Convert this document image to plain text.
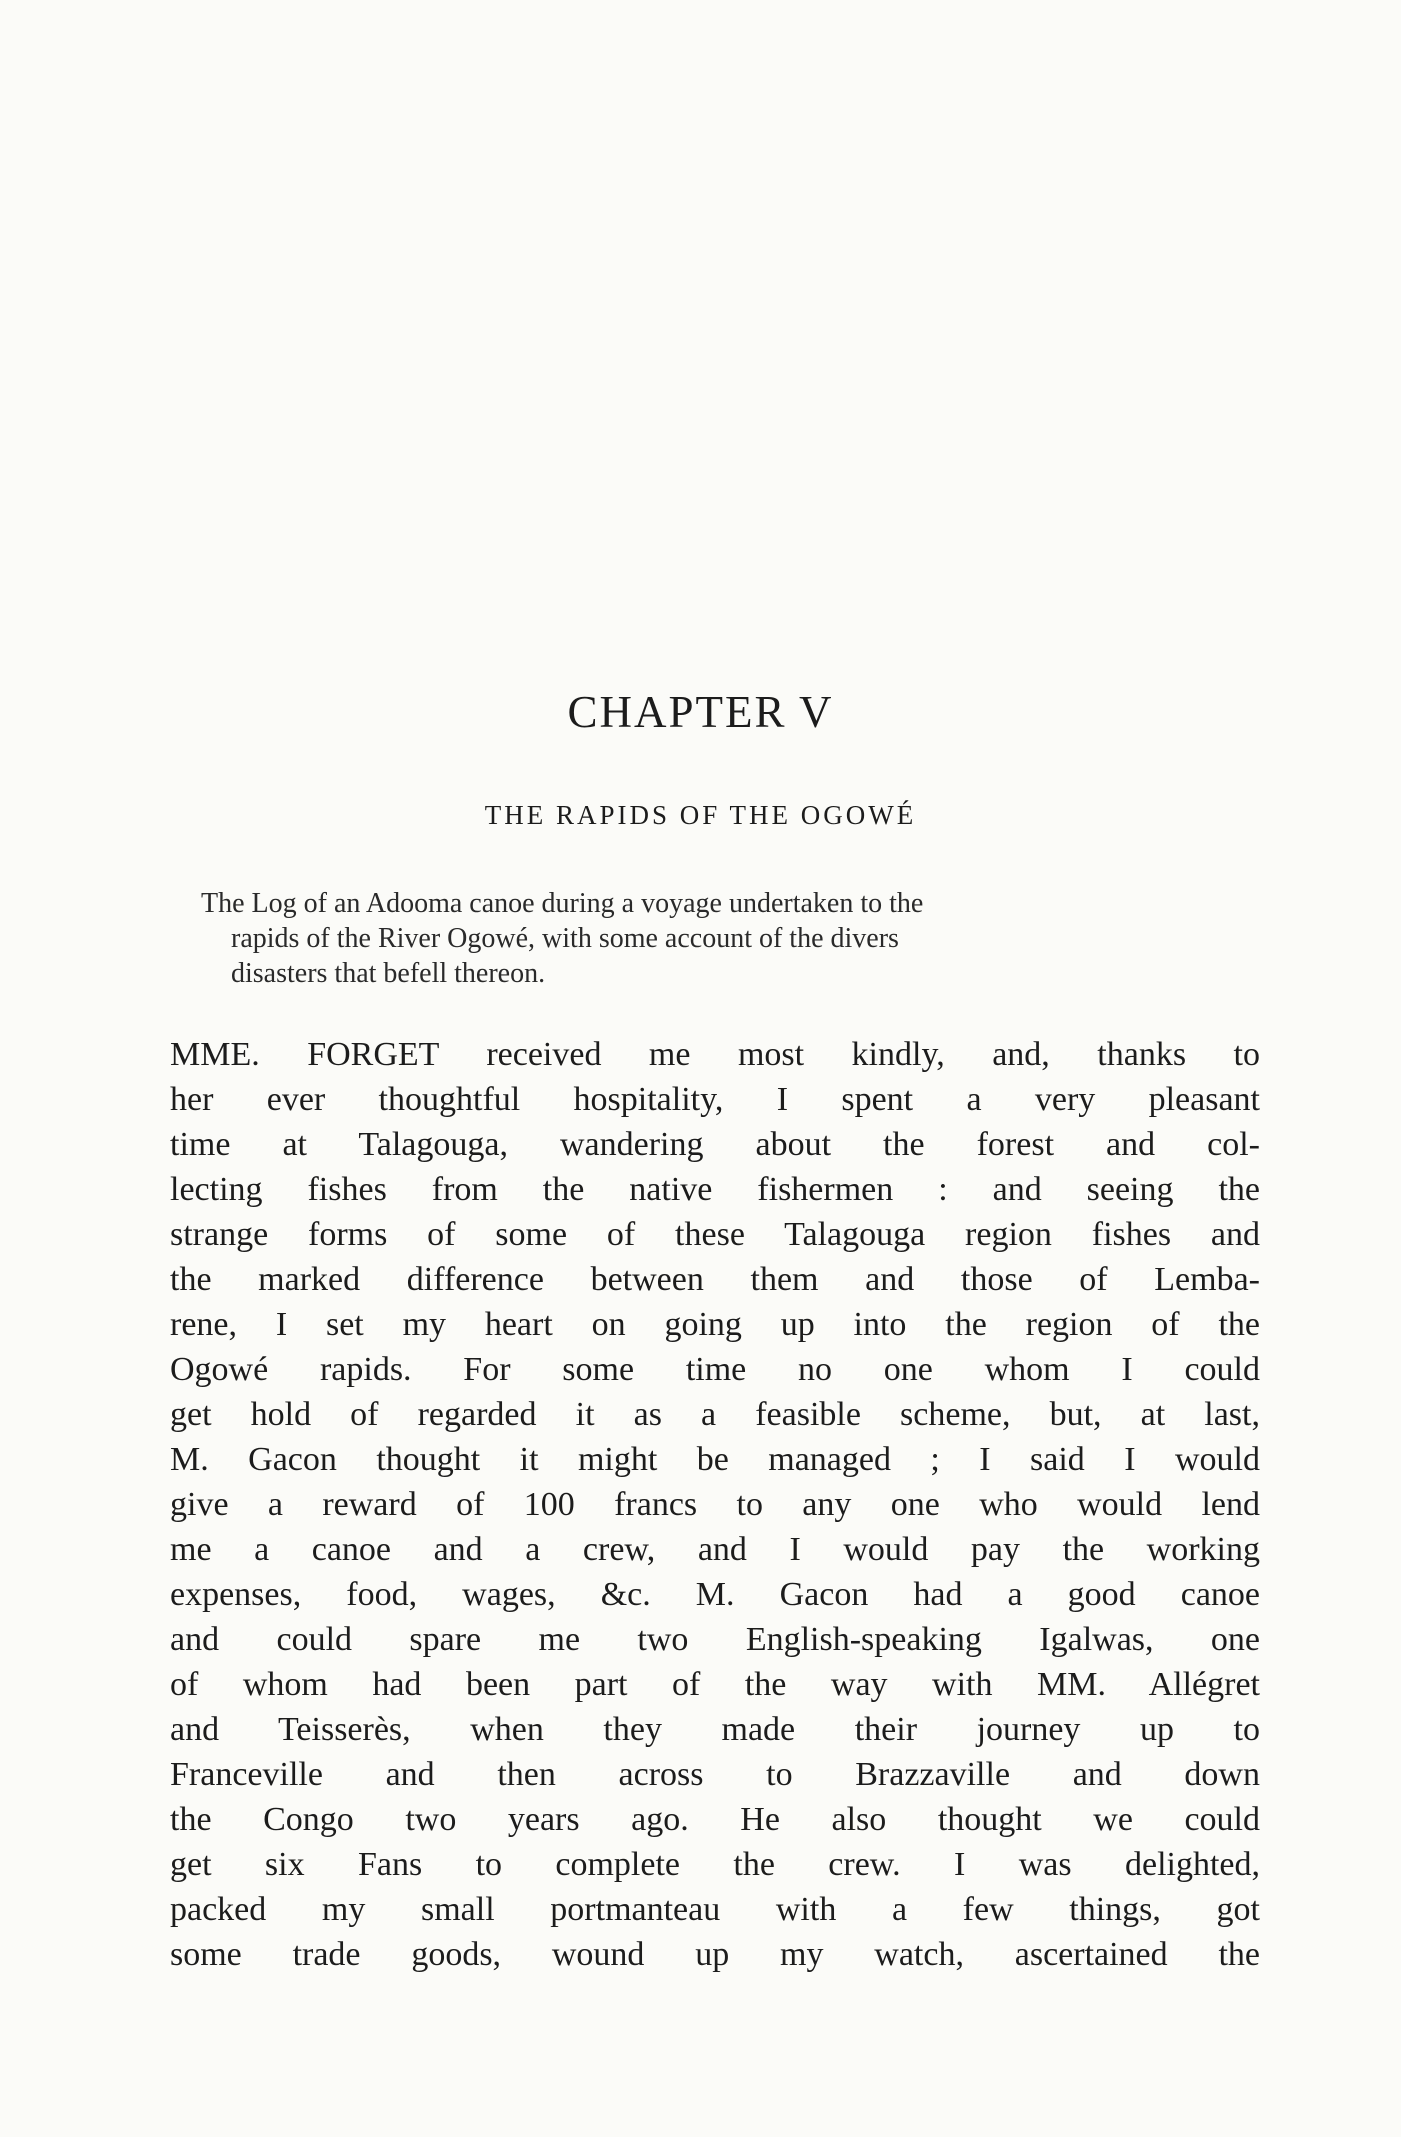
CHAPTER V
THE RAPIDS OF THE OGOWÉ
The Log of an Adooma canoe during a voyage undertaken to the
rapids of the River Ogowé, with some account of the divers
disasters that befell thereon.
MME. FORGET received me most kindly, and, thanks to
her ever thoughtful hospitality, I spent a very pleasant
time at Talagouga, wandering about the forest and col-
lecting fishes from the native fishermen : and seeing the
strange forms of some of these Talagouga region fishes and
the marked difference between them and those of Lemba-
rene, I set my heart on going up into the region of the
Ogowé rapids. For some time no one whom I could
get hold of regarded it as a feasible scheme, but, at last,
M. Gacon thought it might be managed ; I said I would
give a reward of 100 francs to any one who would lend
me a canoe and a crew, and I would pay the working
expenses, food, wages, &c. M. Gacon had a good canoe
and could spare me two English-speaking Igalwas, one
of whom had been part of the way with MM. Allégret
and Teisserès, when they made their journey up to
Franceville and then across to Brazzaville and down
the Congo two years ago. He also thought we could
get six Fans to complete the crew. I was delighted,
packed my small portmanteau with a few things, got
some trade goods, wound up my watch, ascertained the
